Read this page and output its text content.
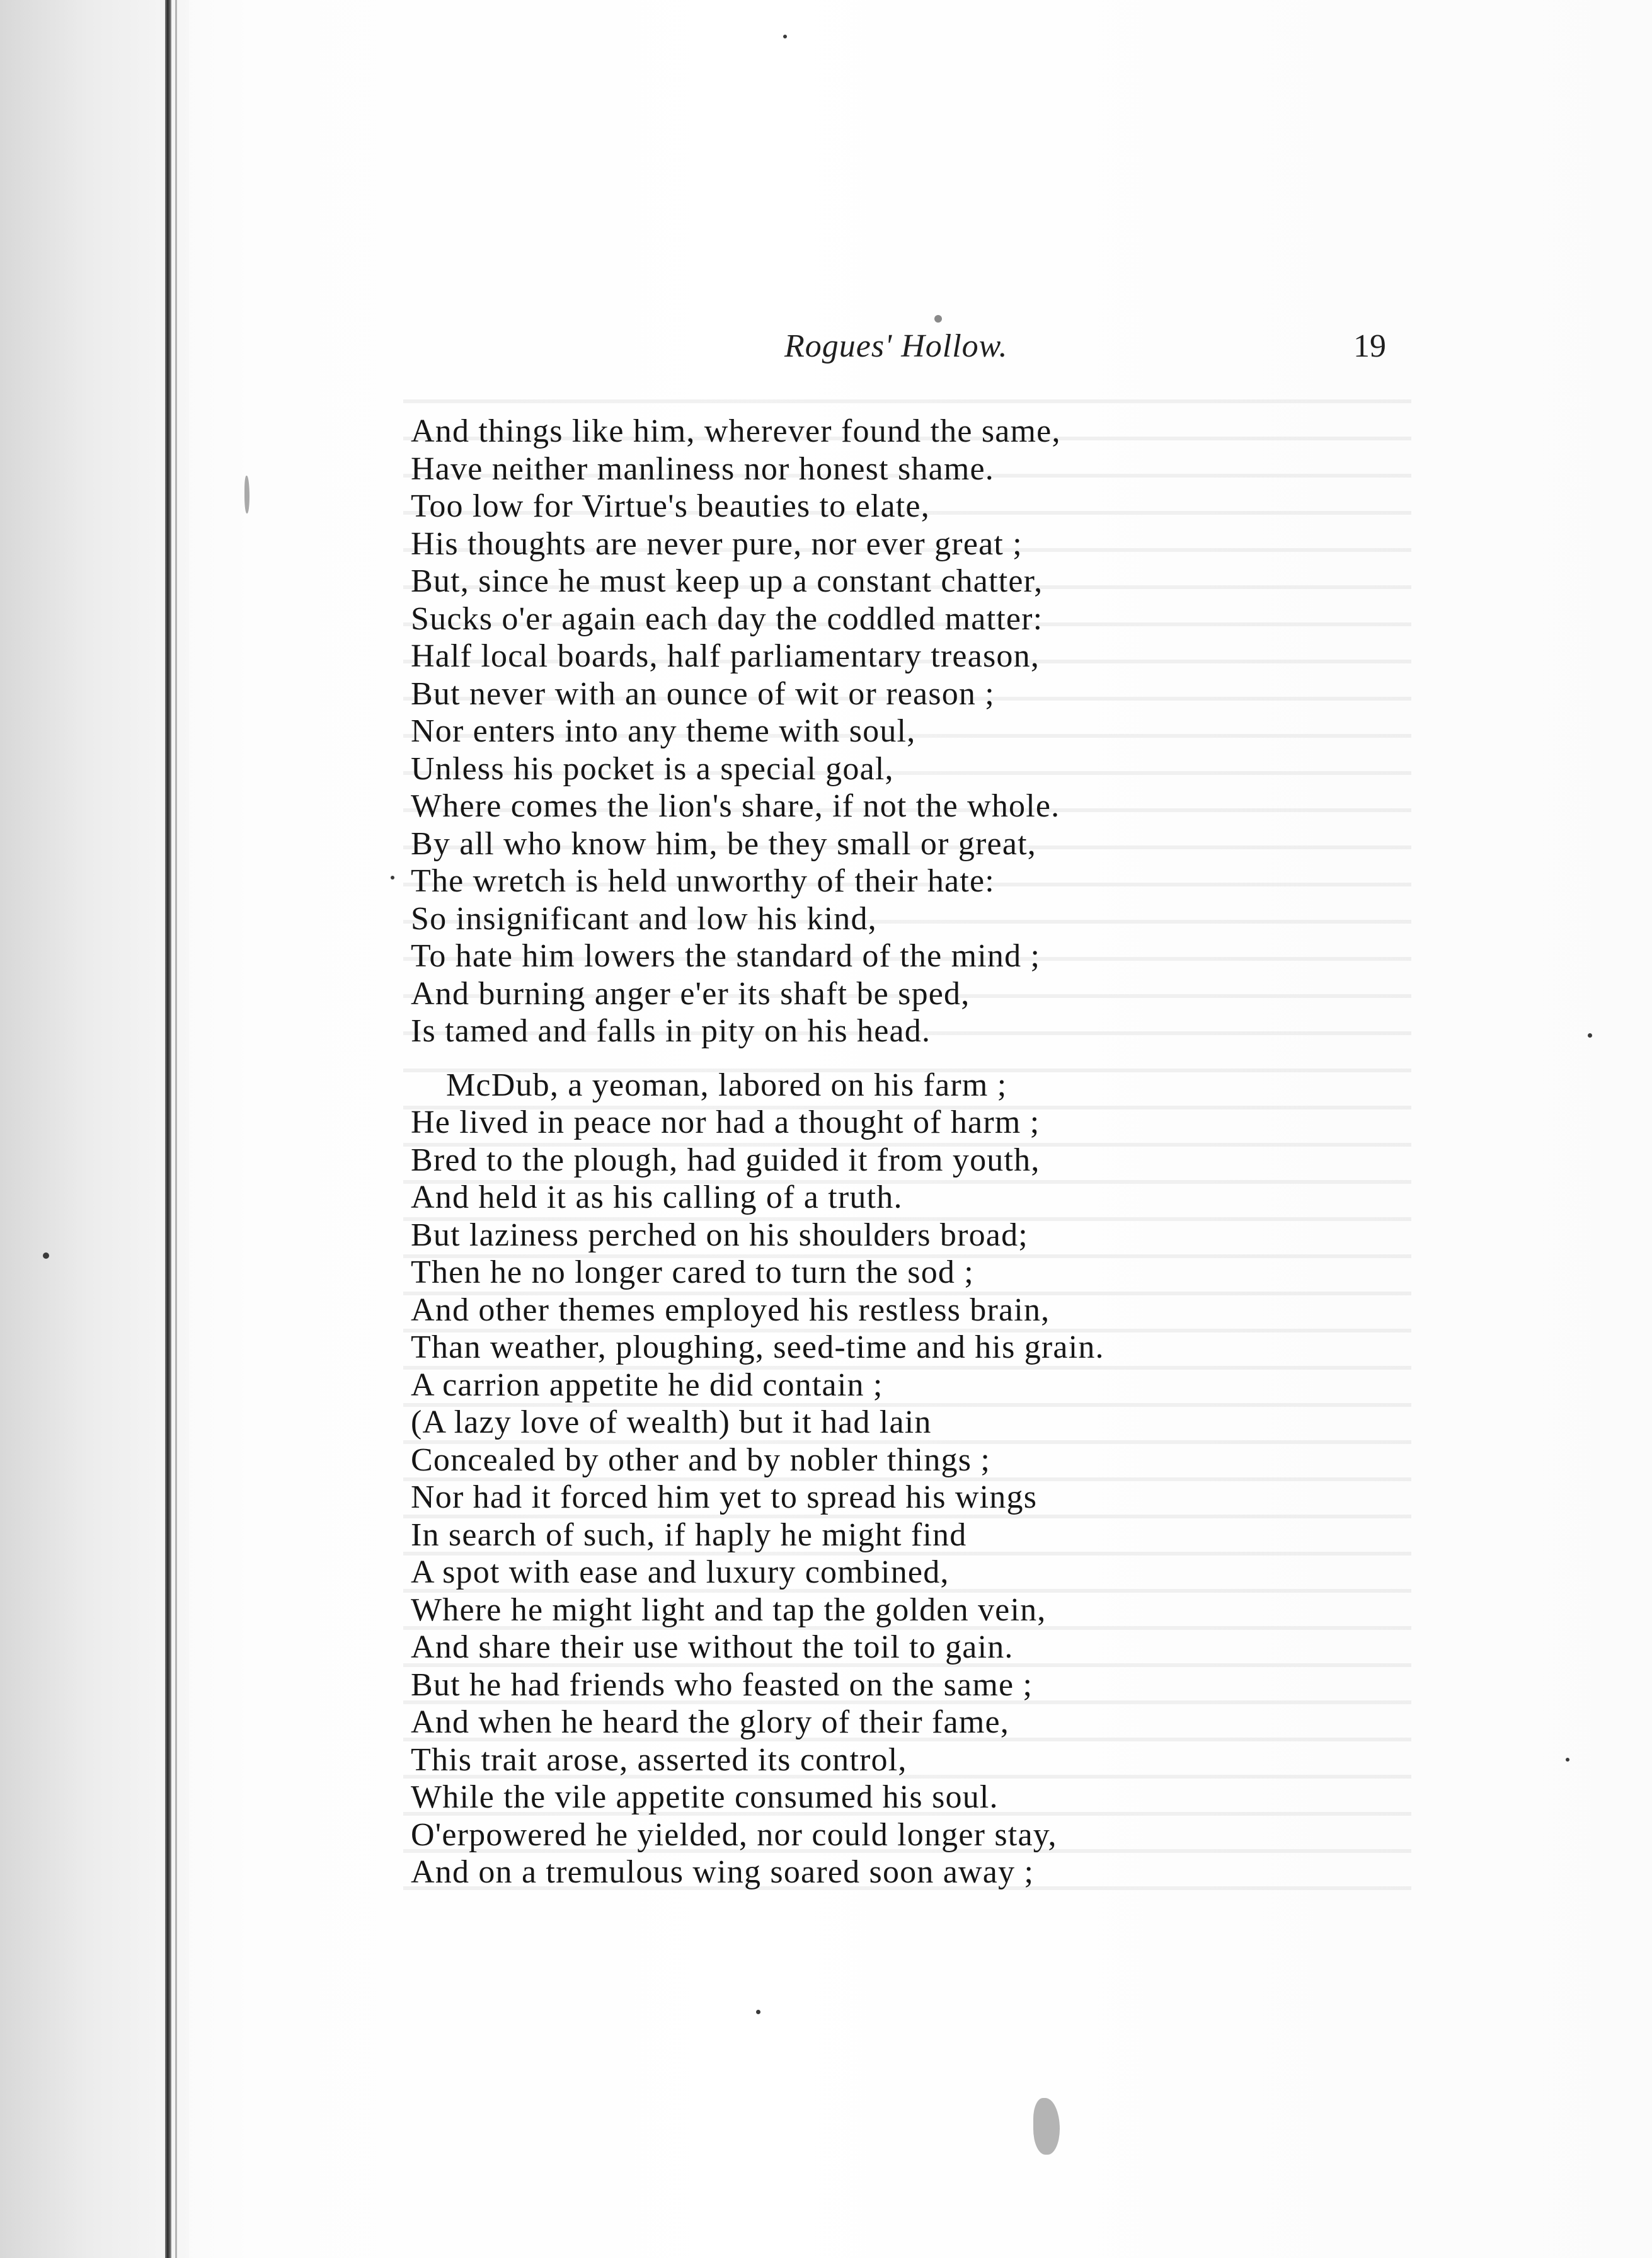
Rogues' Hollow.	19
And things like him, wherever found the same,
Have neither manliness nor honest shame.
Too low for Virtue's beauties to elate,
His thoughts are never pure, nor ever great ;
But, since he must keep up a constant chatter,
Sucks o'er again each day the coddled matter:
Half local boards, half parliamentary treason,
But never with an ounce of wit or reason ;
Nor enters into any theme with soul,
Unless his pocket is a special goal,
Where comes the lion's share, if not the whole.
By all who know him, be they small or great,
The wretch is held unworthy of their hate:
So insignificant and low his kind,
To hate him lowers the standard of the mind ;
And burning anger e'er its shaft be sped,
Is tamed and falls in pity on his head.
McDub, a yeoman, labored on his farm ;
He lived in peace nor had a thought of harm ;
Bred to the plough, had guided it from youth,
And held it as his calling of a truth.
But laziness perched on his shoulders broad;
Then he no longer cared to turn the sod ;
And other themes employed his restless brain,
Than weather, ploughing, seed-time and his grain.
A carrion appetite he did contain ;
(A lazy love of wealth) but it had lain
Concealed by other and by nobler things ;
Nor had it forced him yet to spread his wings
In search of such, if haply he might find
A spot with ease and luxury combined,
Where he might light and tap the golden vein,
And share their use without the toil to gain.
But he had friends who feasted on the same ;
And when he heard the glory of their fame,
This trait arose, asserted its control,
While the vile appetite consumed his soul.
O'erpowered he yielded, nor could longer stay,
And on a tremulous wing soared soon away ;
